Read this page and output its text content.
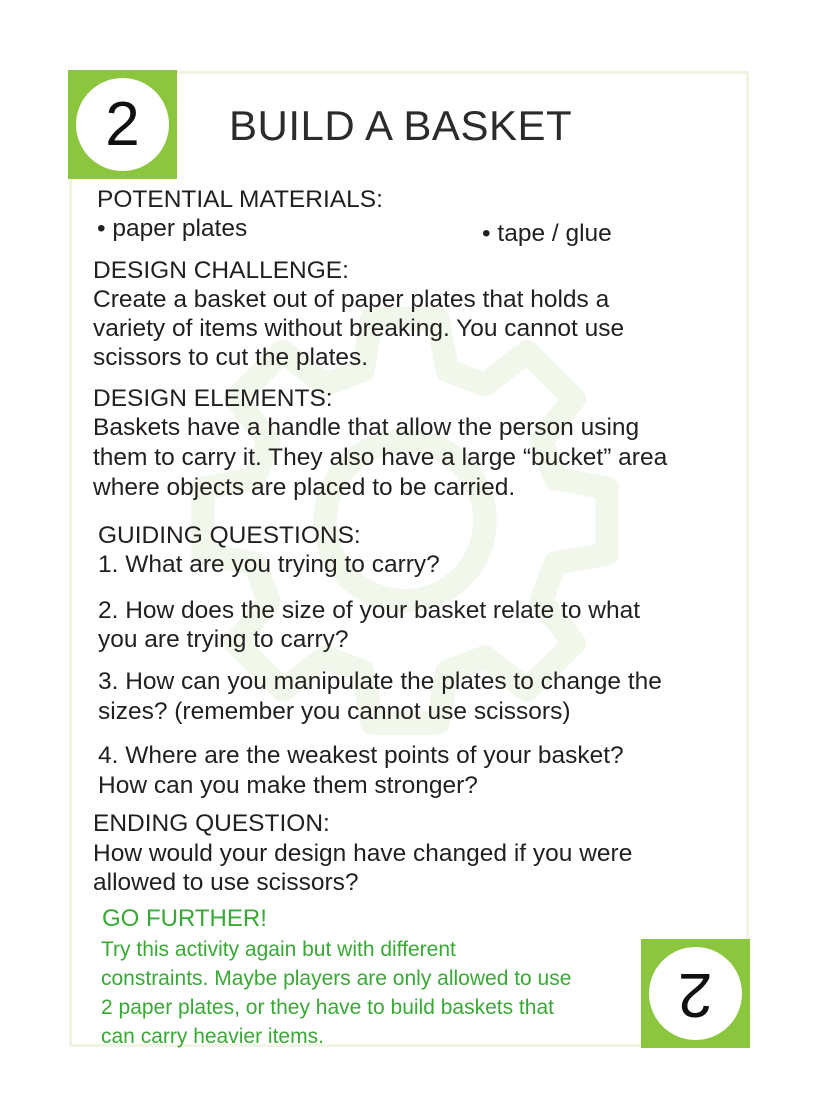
2 BUILD A BASKET
POTENTIAL MATERIALS:
• paper plates	• tape / glue
DESIGN CHALLENGE:
Create a basket out of paper plates that holds a
variety of items without breaking. You cannot use
scissors to cut the plates.
DESIGN ELEMENTS:
Baskets have a handle that allow the person using
them to carry it. They also have a large “bucket” area
where objects are placed to be carried.
GUIDING QUESTIONS:
1. What are you trying to carry?
2. How does the size of your basket relate to what
you are trying to carry?
3. How can you manipulate the plates to change the
sizes? (remember you cannot use scissors)
4. Where are the weakest points of your basket?
How can you make them stronger?
ENDING QUESTION:
How would your design have changed if you were
allowed to use scissors?
GO FURTHER!
Try this activity again but with different
constraints. Maybe players are only allowed to use
2 paper plates, or they have to build baskets that
can carry heavier items.
2
